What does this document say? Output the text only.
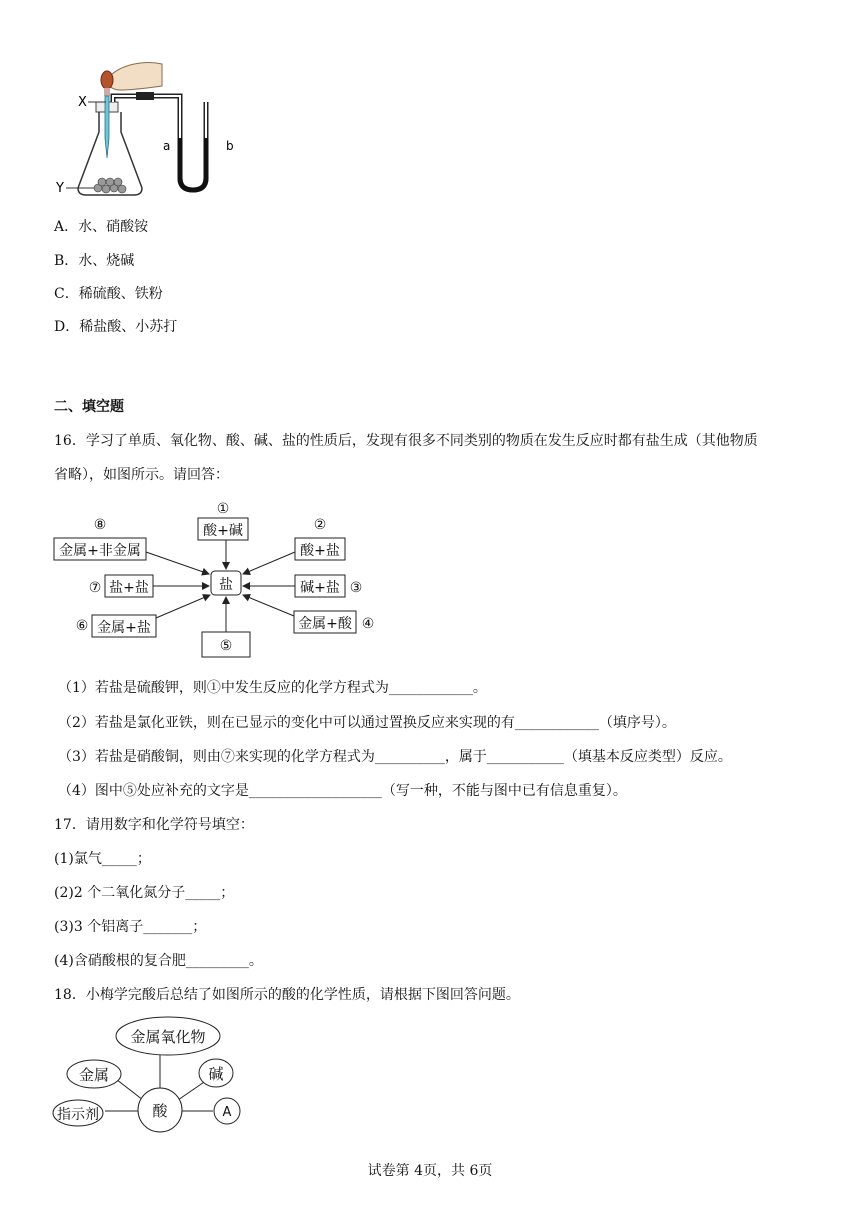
X
Y
a	b
A．水、硝酸铵
B．水、烧碱
C．稀硫酸、铁粉
D．稀盐酸、小苏打
二、填空题
16．学习了单质、氧化物、酸、碱、盐的性质后，发现有很多不同类别的物质在发生反应时都有盐生成（其他物质
省略），如图所示。请回答：
盐
①
酸+碱
⑧
金属+非金属
②
酸+盐
⑦ 盐+盐	碱+盐 ③
⑥ 金属+盐	金属+酸 ④
⑤
（1）若盐是硫酸钾，则①中发生反应的化学方程式为____________。
（2）若盐是氯化亚铁，则在已显示的变化中可以通过置换反应来实现的有____________（填序号）。
（3）若盐是硝酸铜，则由⑦来实现的化学方程式为__________，属于___________（填基本反应类型）反应。
（4）图中⑤处应补充的文字是___________________（写一种，不能与图中已有信息重复）。
17．请用数字和化学符号填空：
(1)氯气_____；
(2)2 个二氧化氮分子_____；
(3)3 个铝离子_______；
(4)含硝酸根的复合肥_________。
18．小梅学完酸后总结了如图所示的酸的化学性质，请根据下图回答问题。
金属氧化物
金属	碱
指示剂	酸	A
试卷第 4页，共 6页
